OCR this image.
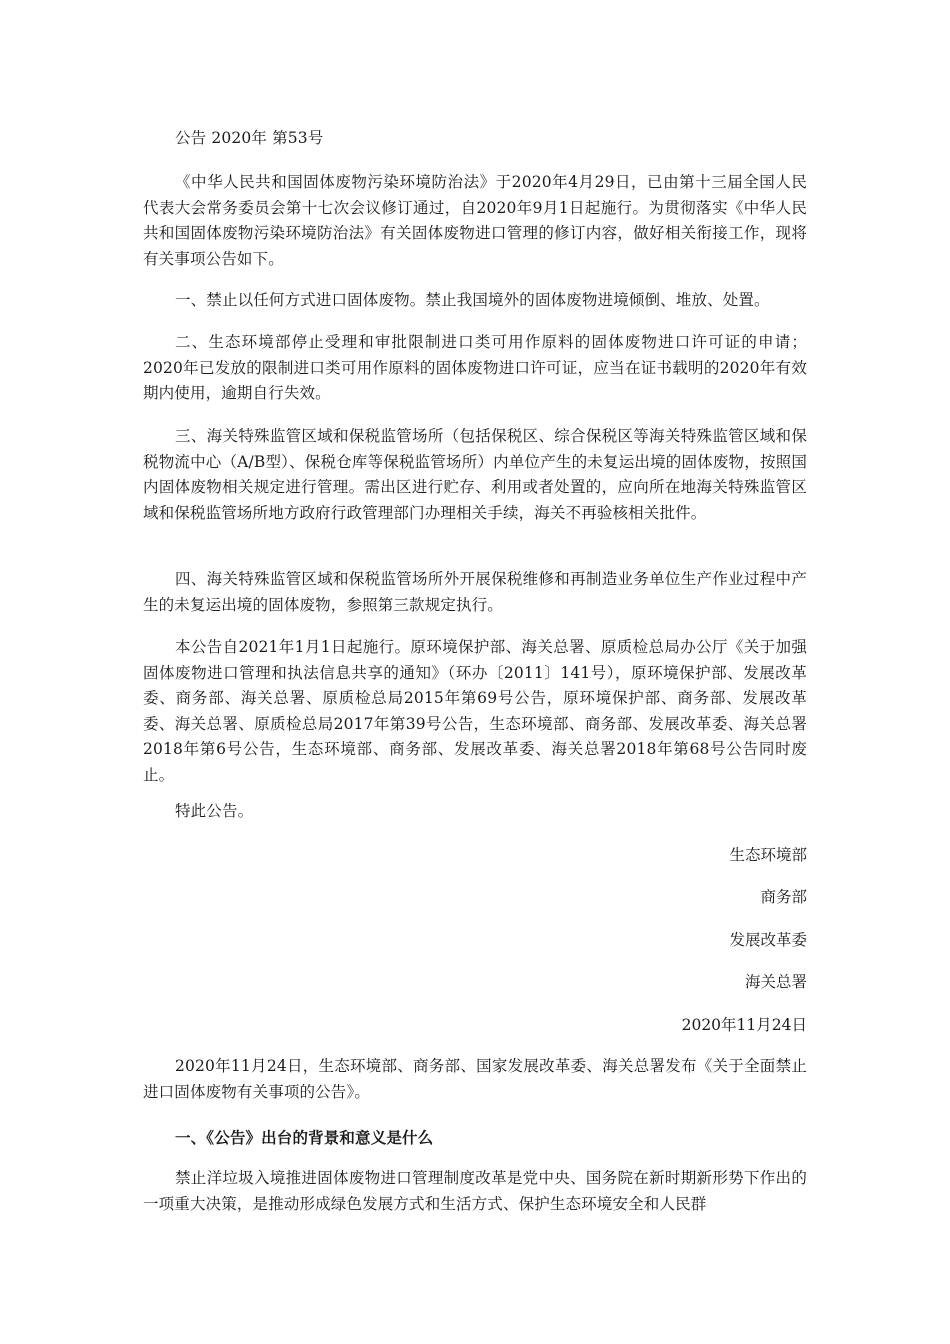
公告 2020年 第53号

《中华人民共和国固体废物污染环境防治法》于2020年4月29日，已由第十三届全国人民代表大会常务委员会第十七次会议修订通过，自2020年9月1日起施行。为贯彻落实《中华人民共和国固体废物污染环境防治法》有关固体废物进口管理的修订内容，做好相关衔接工作，现将有关事项公告如下。

一、禁止以任何方式进口固体废物。禁止我国境外的固体废物进境倾倒、堆放、处置。

二、生态环境部停止受理和审批限制进口类可用作原料的固体废物进口许可证的申请；2020年已发放的限制进口类可用作原料的固体废物进口许可证，应当在证书载明的2020年有效期内使用，逾期自行失效。

三、海关特殊监管区域和保税监管场所（包括保税区、综合保税区等海关特殊监管区域和保税物流中心（A/B型）、保税仓库等保税监管场所）内单位产生的未复运出境的固体废物，按照国内固体废物相关规定进行管理。需出区进行贮存、利用或者处置的，应向所在地海关特殊监管区域和保税监管场所地方政府行政管理部门办理相关手续，海关不再验核相关批件。

四、海关特殊监管区域和保税监管场所外开展保税维修和再制造业务单位生产作业过程中产生的未复运出境的固体废物，参照第三款规定执行。

本公告自2021年1月1日起施行。原环境保护部、海关总署、原质检总局办公厅《关于加强固体废物进口管理和执法信息共享的通知》（环办〔2011〕141号），原环境保护部、发展改革委、商务部、海关总署、原质检总局2015年第69号公告，原环境保护部、商务部、发展改革委、海关总署、原质检总局2017年第39号公告，生态环境部、商务部、发展改革委、海关总署2018年第6号公告，生态环境部、商务部、发展改革委、海关总署2018年第68号公告同时废止。

特此公告。

生态环境部

商务部

发展改革委

海关总署

2020年11月24日

2020年11月24日，生态环境部、商务部、国家发展改革委、海关总署发布《关于全面禁止进口固体废物有关事项的公告》。

一、《公告》出台的背景和意义是什么

禁止洋垃圾入境推进固体废物进口管理制度改革是党中央、国务院在新时期新形势下作出的一项重大决策，是推动形成绿色发展方式和生活方式、保护生态环境安全和人民群
